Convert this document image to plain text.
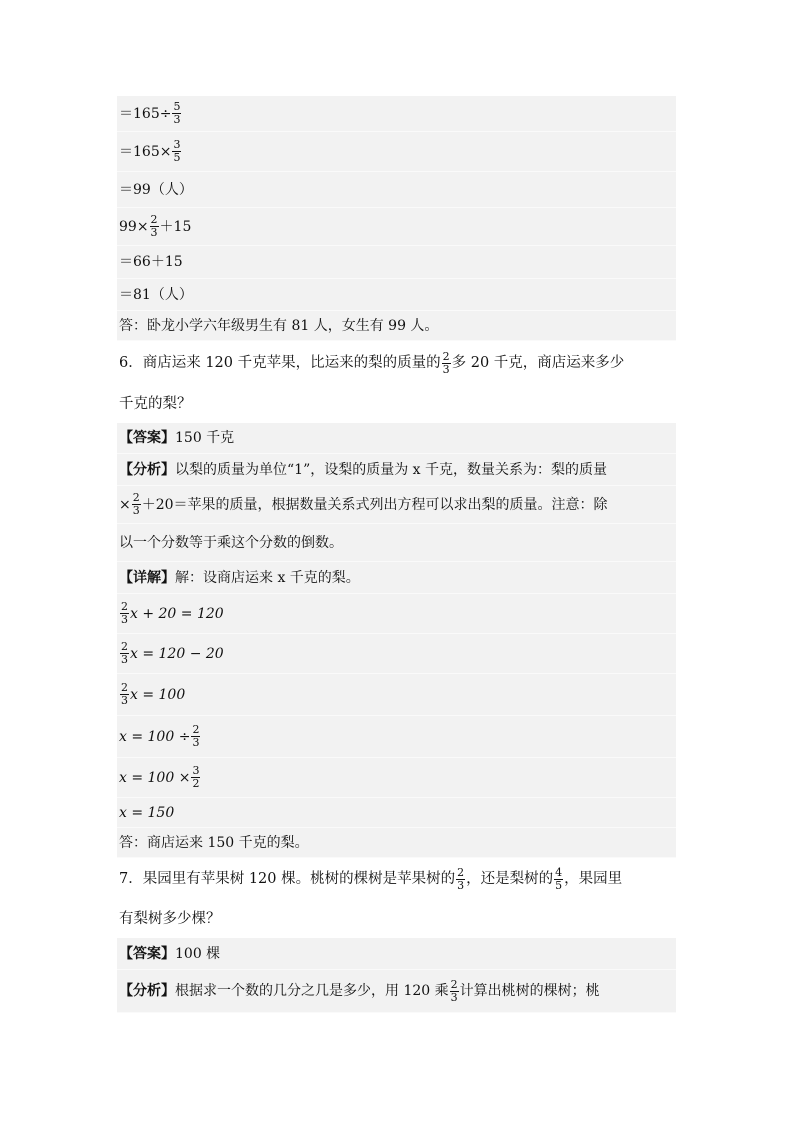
$=165\div \frac{5}{3}$
$=165\times \frac{3}{5}$
＝99（人）
$99\times \frac{2}{3} +15$
＝66＋15
＝81（人）
答：卧龙小学六年级男生有 81 人，女生有 99 人。
6．商店运来 120 千克苹果，比运来的梨的质量的 $\frac{2}{3}$ 多 20 千克，商店运来多少
千克的梨？
【答案】 150 千克
【分析】 以梨的质量为单位“1”，设梨的质量为 x 千克，数量关系为：梨的质量
× $\frac{2}{3} +20=$苹果的质量，根据数量关系式列出方程可以求出梨的质量。注意：除
以一个分数等于乘这个分数的倒数。
【详解】 解：设商店运来 x 千克的梨。
$\frac{2}{3}$ x + 20 = 120
$\frac{2}{3}$ x = 120 − 20
$\frac{2}{3}$ x = 100
$x = 100 \div \frac{2}{3}$
$x = 100 \times \frac{3}{2}$
x = 150
答：商店运来 150 千克的梨。
7．果园里有苹果树 120 棵。桃树的棵树是苹果树的 $\frac{2}{3}$ ，还是梨树的 $\frac{4}{5}$ ，果园里
有梨树多少棵？
【答案】 100 棵
【分析】 根据求一个数的几分之几是多少，用 120 乘 $\frac{2}{3}$ 计算出桃树的棵树；桃
